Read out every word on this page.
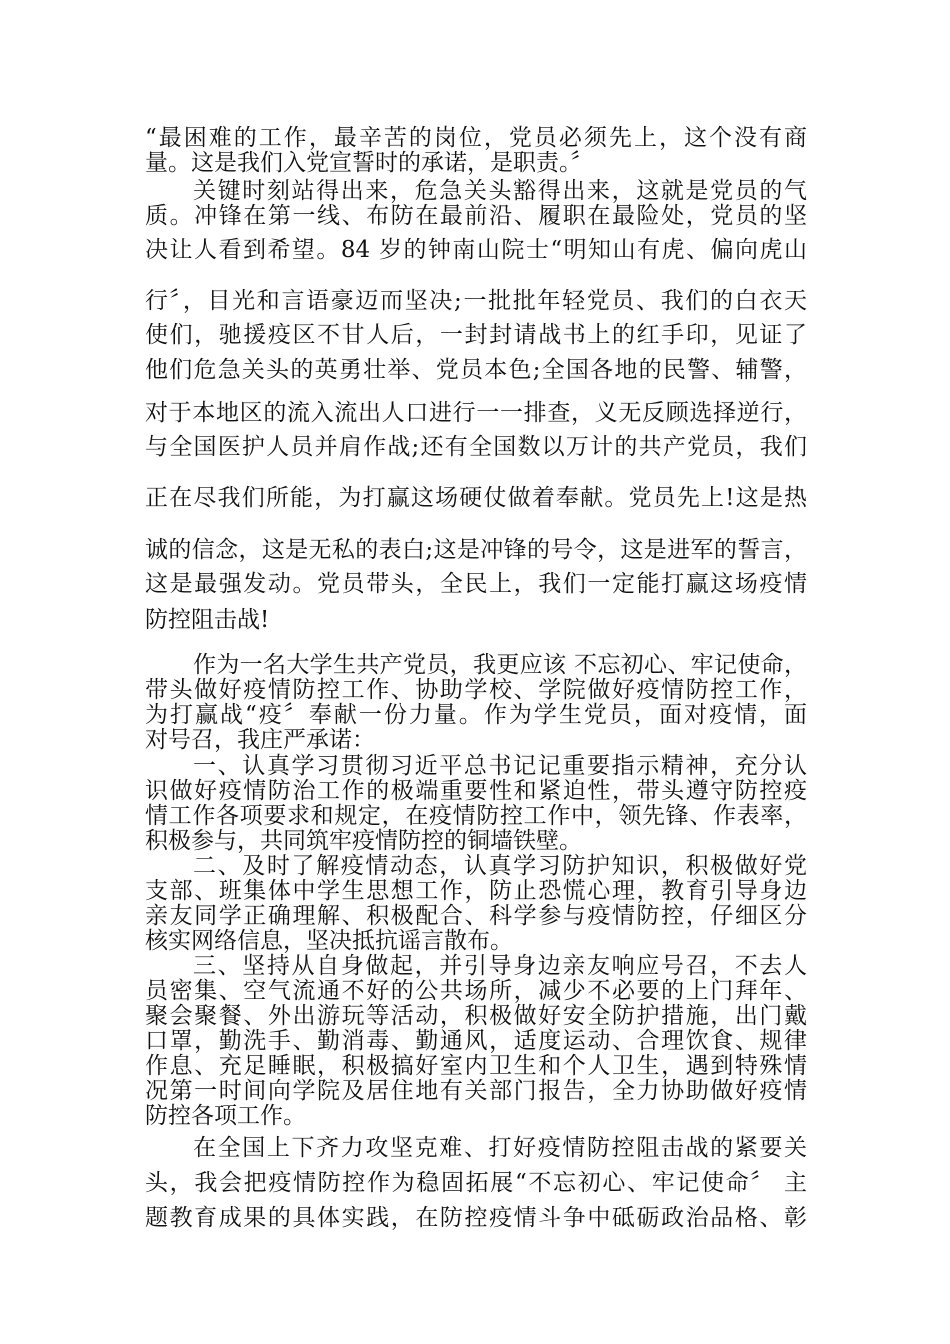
“最困难的工作，最辛苦的岗位，党员必须先上，这个没有商
量。这是我们入党宣誓时的承诺，是职责。〞
关键时刻站得出来，危急关头豁得出来，这就是党员的气
质。冲锋在第一线、布防在最前沿、履职在最险处，党员的坚
决让人看到希望。84 岁的钟南山院士“明知山有虎、偏向虎山
行〞，目光和言语豪迈而坚决;一批批年轻党员、我们的白衣天
使们，驰援疫区不甘人后，一封封请战书上的红手印，见证了
他们危急关头的英勇壮举、党员本色;全国各地的民警、辅警，
对于本地区的流入流出人口进行一一排查，义无反顾选择逆行，
与全国医护人员并肩作战;还有全国数以万计的共产党员，我们
正在尽我们所能，为打赢这场硬仗做着奉献。党员先上!这是热
诚的信念，这是无私的表白;这是冲锋的号令，这是进军的誓言，
这是最强发动。党员带头，全民上，我们一定能打赢这场疫情
防控阻击战!
作为一名大学生共产党员，我更应该 不忘初心、牢记使命，
带头做好疫情防控工作、协助学校、学院做好疫情防控工作，
为打赢战“疫〞奉献一份力量。作为学生党员，面对疫情，面
对号召，我庄严承诺：
一、认真学习贯彻习近平总书记记重要指示精神，充分认
识做好疫情防治工作的极端重要性和紧迫性，带头遵守防控疫
情工作各项要求和规定，在疫情防控工作中，领先锋、作表率，
积极参与，共同筑牢疫情防控的铜墙铁壁。
二、及时了解疫情动态，认真学习防护知识，积极做好党
支部、班集体中学生思想工作，防止恐慌心理，教育引导身边
亲友同学正确理解、积极配合、科学参与疫情防控，仔细区分
核实网络信息，坚决抵抗谣言散布。
三、坚持从自身做起，并引导身边亲友响应号召，不去人
员密集、空气流通不好的公共场所，减少不必要的上门拜年、
聚会聚餐、外出游玩等活动，积极做好安全防护措施，出门戴
口罩，勤洗手、勤消毒、勤通风，适度运动、合理饮食、规律
作息、充足睡眠，积极搞好室内卫生和个人卫生，遇到特殊情
况第一时间向学院及居住地有关部门报告，全力协助做好疫情
防控各项工作。
在全国上下齐力攻坚克难、打好疫情防控阻击战的紧要关
头，我会把疫情防控作为稳固拓展“不忘初心、牢记使命〞 主
题教育成果的具体实践，在防控疫情斗争中砥砺政治品格、彰
